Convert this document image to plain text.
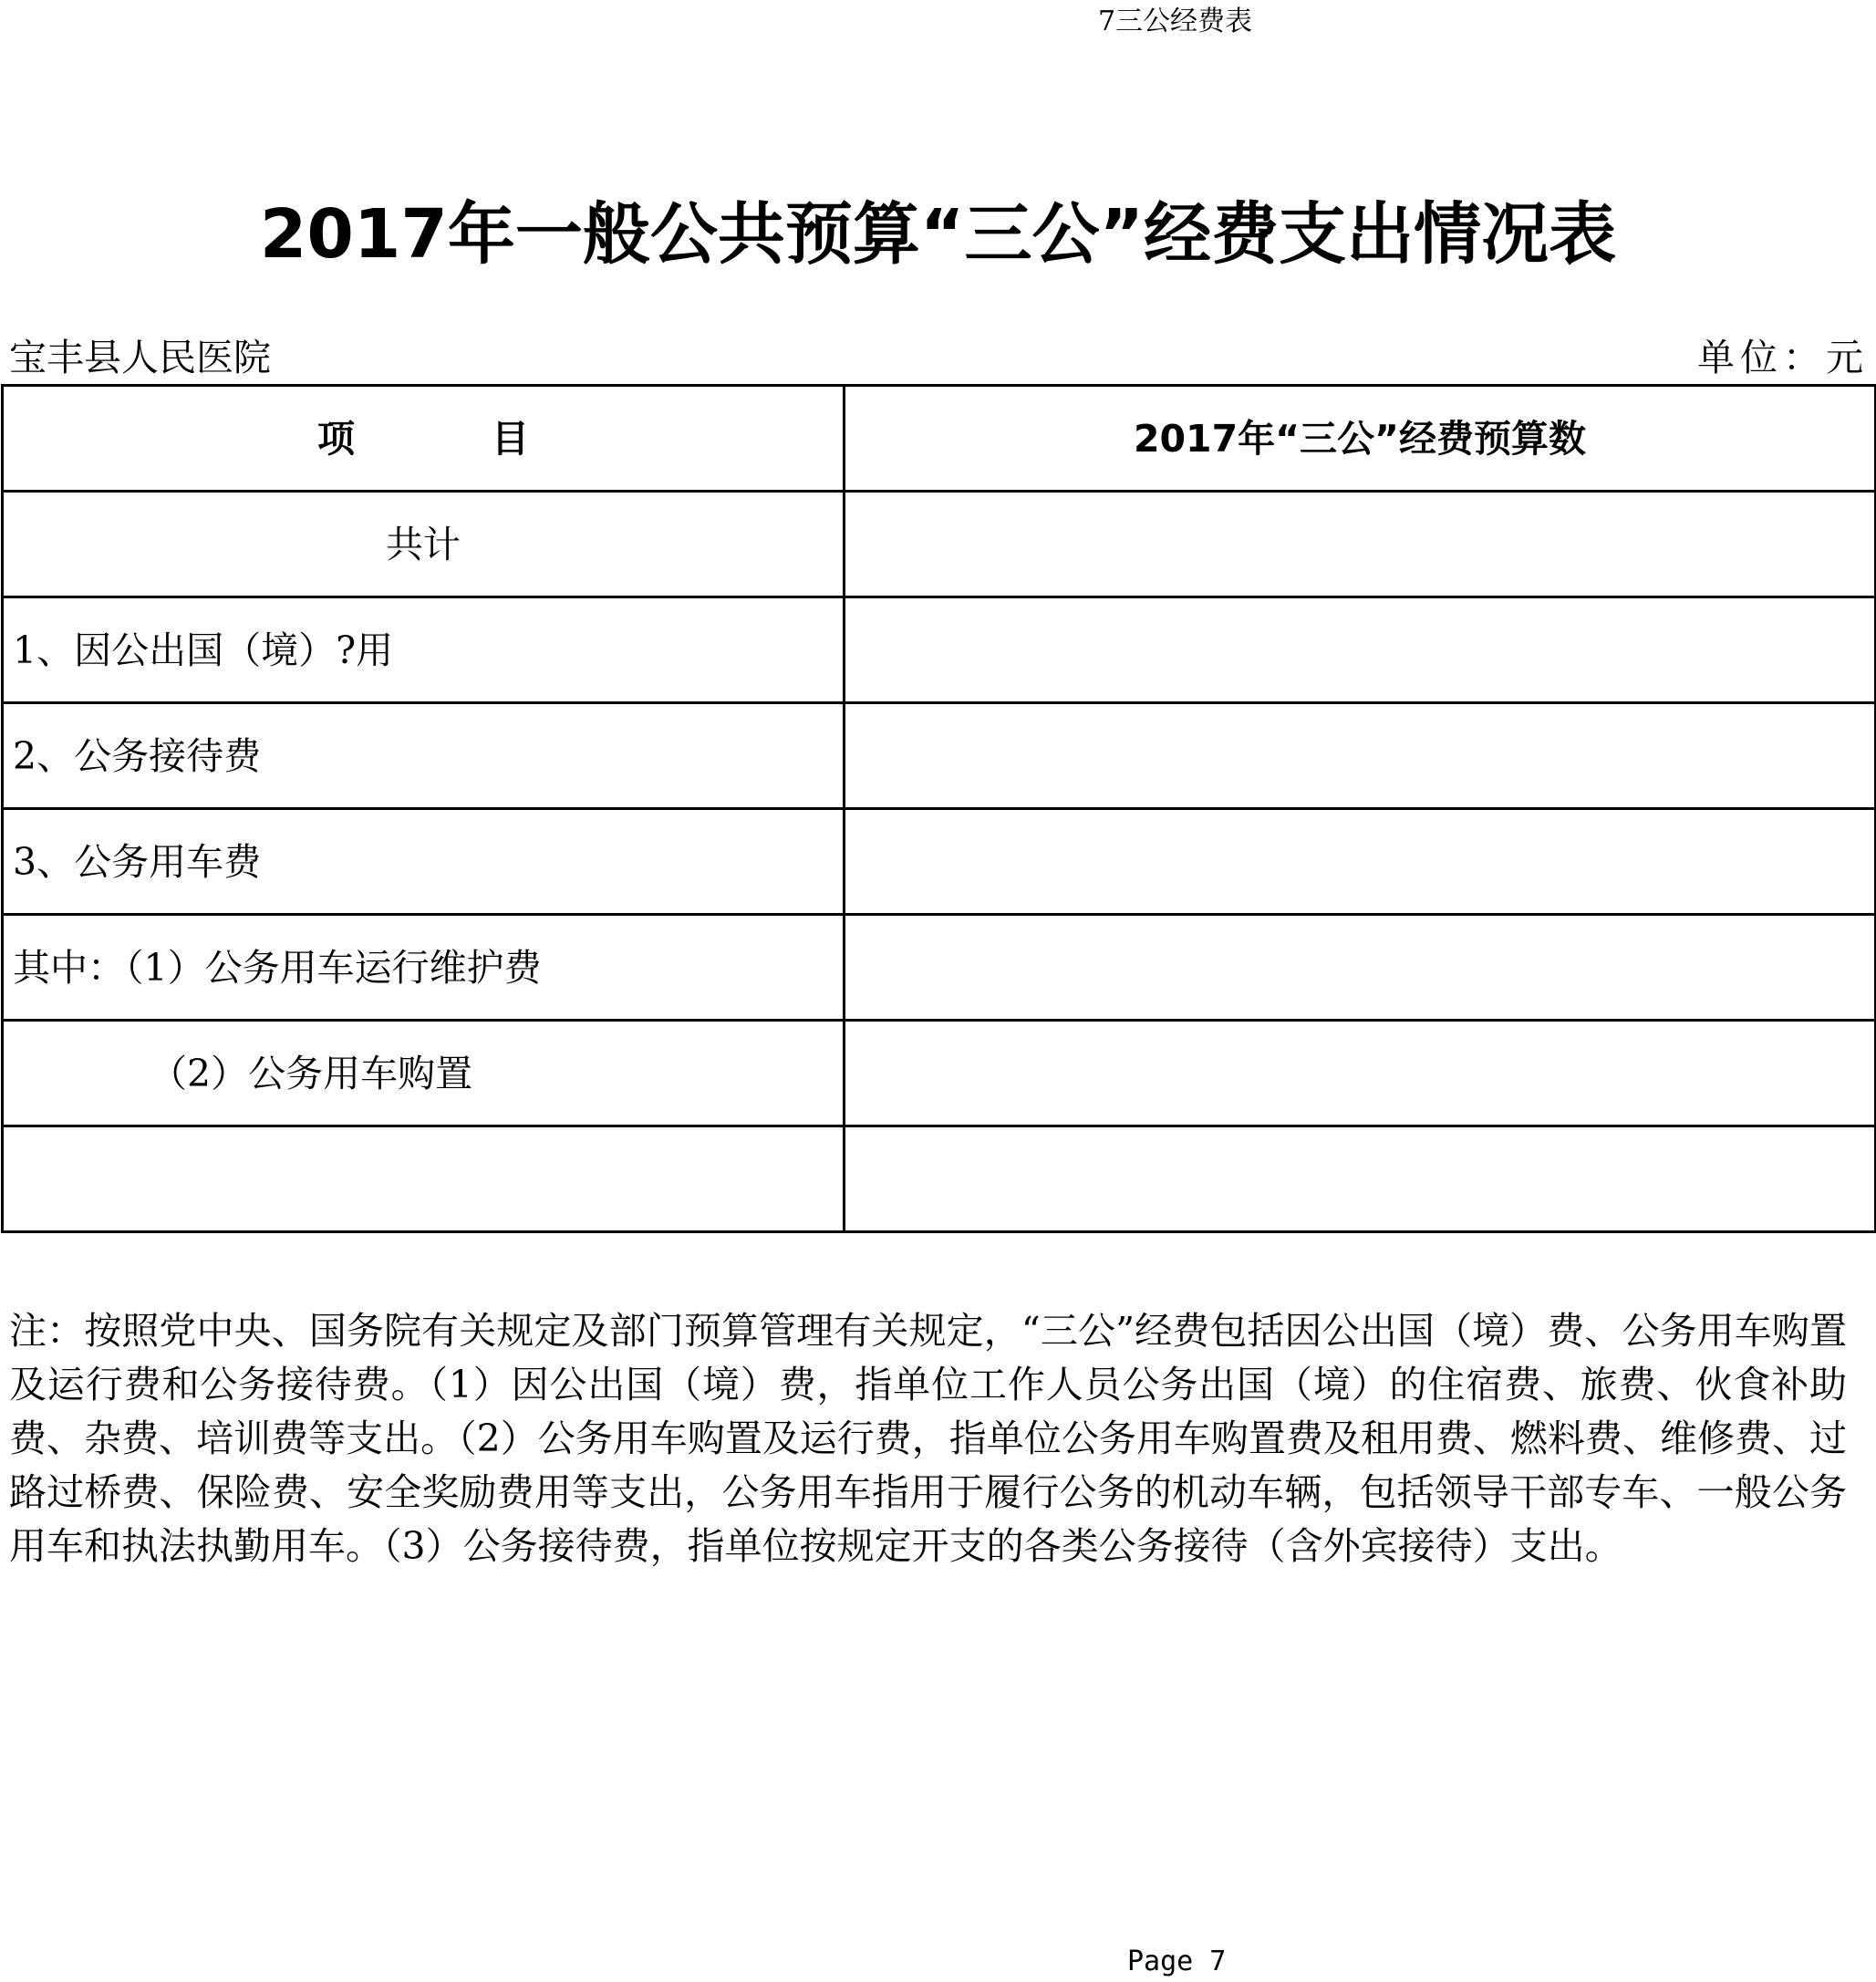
7三公经费表
2017年一般公共预算“三公”经费支出情况表
宝丰县人民医院	单位：元
项 目	2017年“三公”经费预算数
共计	
1、因公出国（境）?用	
2、公务接待费	
3、公务用车费	
其中：（1）公务用车运行维护费	
（2）公务用车购置	

注：按照党中央、国务院有关规定及部门预算管理有关规定，“三公”经费包括因公出国（境）费、公务用车购置及运行费和公务接待费。（1）因公出国（境）费，指单位工作人员公务出国（境）的住宿费、旅费、伙食补助费、杂费、培训费等支出。（2）公务用车购置及运行费，指单位公务用车购置费及租用费、燃料费、维修费、过路过桥费、保险费、安全奖励费用等支出，公务用车指用于履行公务的机动车辆，包括领导干部专车、一般公务用车和执法执勤用车。（3）公务接待费，指单位按规定开支的各类公务接待（含外宾接待）支出。
Page 7
